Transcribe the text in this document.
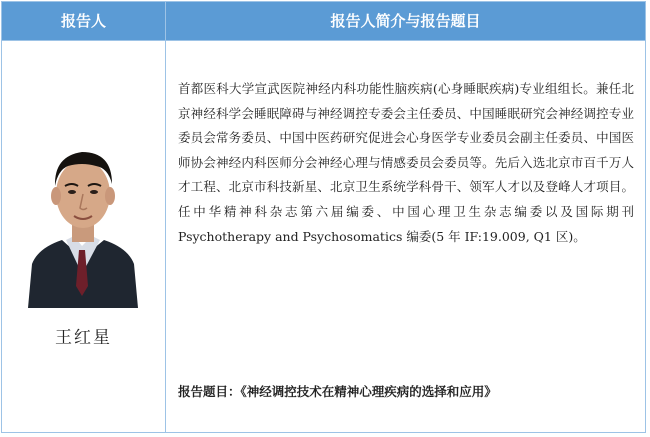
报告人	报告人简介与报告题目
王红星
首都医科大学宣武医院神经内科功能性脑疾病(心身睡眠疾病)专业组组长。兼任北京神经科学会睡眠障碍与神经调控专委会主任委员、中国睡眠研究会神经调控专业委员会常务委员、中国中医药研究促进会心身医学专业委员会副主任委员、中国医师协会神经内科医师分会神经心理与情感委员会委员等。先后入选北京市百千万人才工程、北京市科技新星、北京卫生系统学科骨干、领军人才以及登峰人才项目。任中华精神科杂志第六届编委、中国心理卫生杂志编委以及国际期刊 Psychotherapy and Psychosomatics 编委(5 年 IF:19.009, Q1 区)。
报告题目：《神经调控技术在精神心理疾病的选择和应用》
